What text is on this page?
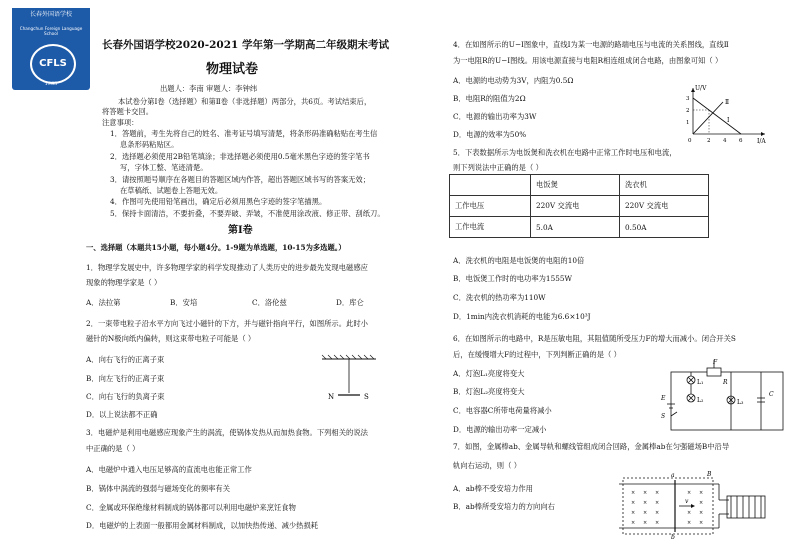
长春外国语学校
Changchun Foreign Language School
CFLS
1963
长春外国语学校2020-2021 学年第一学期高二年级期末考试
物理试卷
出题人：李南 审题人：李钟纬
本试卷分第Ⅰ卷（选择题）和第Ⅱ卷（非选择题）两部分，共6页。考试结束后，
将答题卡交回。
注意事项：
1．答题前，考生先将自己的姓名、准考证号填写清楚，将条形码准确粘贴在考生信
息条形码粘贴区。
2．选择题必须使用2B铅笔填涂；非选择题必须使用0.5毫米黑色字迹的签字笔书
写，字体工整、笔迹清楚。
3．请按照题号顺序在各题目的答题区域内作答，超出答题区域书写的答案无效；
在草稿纸、试题卷上答题无效。
4．作图可先使用铅笔画出，确定后必须用黑色字迹的签字笔描黑。
5．保持卡面清洁，不要折叠，不要弄破、弄皱，不准使用涂改液、修正带、刮纸刀。
第Ⅰ卷
一、选择题（本题共15小题，每小题4分。1-9题为单选题，10-15为多选题。）
1．物理学发展史中，许多物理学家的科学发现推动了人类历史的进步最先发现电磁感应
现象的物理学家是（ ）
A．法拉第	B．安培	C．洛伦兹	D．库仑
2．一束带电粒子沿水平方向飞过小磁针的下方，并与磁针指向平行，如图所示。此时小
磁针的N极向纸内偏转，则这束带电粒子可能是（ ）
A．向右飞行的正离子束
B．向左飞行的正离子束
C．向右飞行的负离子束
D．以上说法都不正确
N	S
3．电磁炉是利用电磁感应现象产生的涡流，使锅体发热从而加热食物。下列相关的说法
中正确的是（ ）
A．电磁炉中通入电压足够高的直流电也能正常工作
B．锅体中涡流的强弱与磁场变化的频率有关
C．金属或环保绝缘材料制成的锅体都可以利用电磁炉来烹饪食物
D．电磁炉的上表面一般都用金属材料制成，以加快热传递、减少热损耗
4．在如图所示的U−I图象中，直线Ⅰ为某一电源的路端电压与电流的关系图线，直线Ⅱ
为一电阻R的U−I图线。用该电源直接与电阻R相连组成闭合电路，由图象可知（ ）
A．电源的电动势为3V，内阻为0.5Ω
B．电阻R的阻值为2Ω
C．电源的输出功率为3W
D．电源的效率为50%
U/V
I/A
Ⅱ
Ⅰ
3
2
1
0	2 4 6
5．下表数据所示为电饭煲和洗衣机在电路中正常工作时电压和电流，
则下列说法中正确的是（ ）
	电饭煲	洗衣机
工作电压	220V 交流电	220V 交流电
工作电流	5.0A	0.50A
A．洗衣机的电阻是电饭煲的电阻的10倍
B．电饭煲工作时的电功率为1555W
C．洗衣机的热功率为110W
D．1min内洗衣机消耗的电能为6.6×10³J
6．在如图所示的电路中，R是压敏电阻，其阻值随所受压力F的增大而减小。闭合开关S
后，在缓慢增大F的过程中，下列判断正确的是（ ）
A．灯泡L₁亮度将变大
B．灯泡L₂亮度将变大
C．电容器C所带电荷量将减小
D．电源的输出功率一定减小
F
R
L₁
L₂	L₃
C
E
S
7．如图，金属棒ab、金属导轨和螺线管组成闭合回路，金属棒ab在匀强磁场B中沿导
轨向右运动，则（ ）
A．ab棒不受安培力作用
B．ab棒所受安培力的方向向右
× × ×	× ×
× × ×	×
× × ×	× ×
× × ×	× ×
a
b
B
v
